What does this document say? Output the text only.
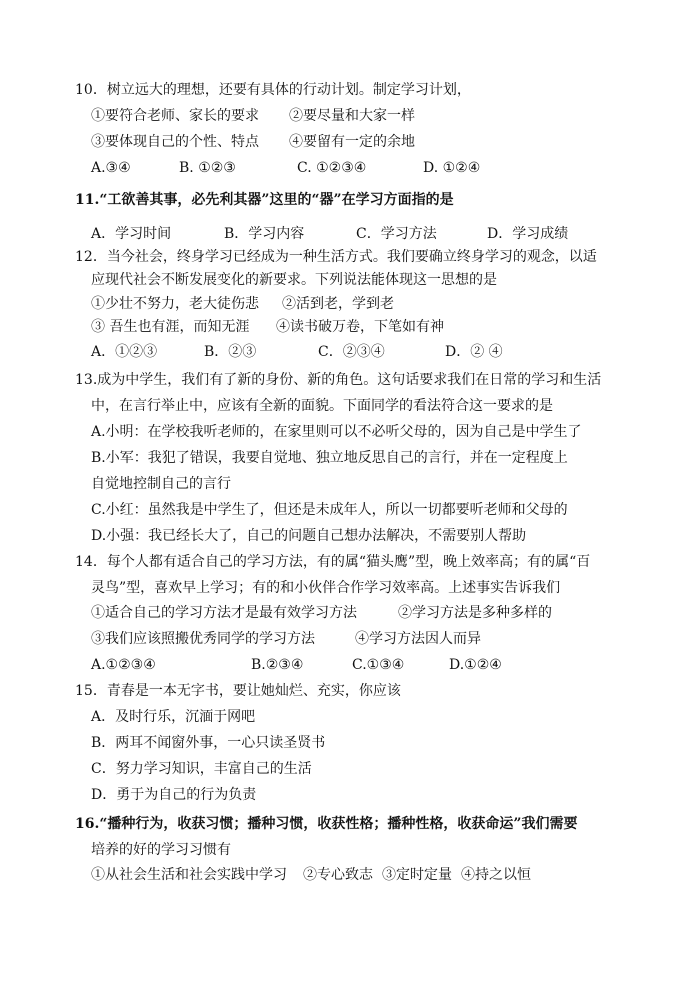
10．树立远大的理想，还要有具体的行动计划。制定学习计划，
①要符合老师、家长的要求 ②要尽量和大家一样
③要体现自己的个性、特点 ④要留有一定的余地
A.③④	B. ①②③	C. ①②③④	D. ①②④
11.“工欲善其事，必先利其器”这里的“器”在学习方面指的是
A．学习时间	B．学习内容	C．学习方法	D．学习成绩
12．当今社会，终身学习已经成为一种生活方式。我们要确立终身学习的观念，以适
应现代社会不断发展变化的新要求。下列说法能体现这一思想的是
①少壮不努力，老大徒伤悲 ②活到老，学到老
③ 吾生也有涯，而知无涯 ④读书破万卷，下笔如有神
A．①②③	B．②③	C．②③④	D．② ④
13.成为中学生，我们有了新的身份、新的角色。这句话要求我们在日常的学习和生活
中，在言行举止中，应该有全新的面貌。下面同学的看法符合这一要求的是
A.小明：在学校我听老师的，在家里则可以不必听父母的，因为自己是中学生了
B.小军：我犯了错误，我要自觉地、独立地反思自己的言行，并在一定程度上
自觉地控制自己的言行
C.小红：虽然我是中学生了，但还是未成年人，所以一切都要听老师和父母的
D.小强：我已经长大了，自己的问题自己想办法解决，不需要别人帮助
14．每个人都有适合自己的学习方法，有的属“猫头鹰”型，晚上效率高；有的属“百
灵鸟”型，喜欢早上学习；有的和小伙伴合作学习效率高。上述事实告诉我们
①适合自己的学习方法才是最有效学习方法	②学习方法是多种多样的
③我们应该照搬优秀同学的学习方法	④学习方法因人而异
A.①②③④	B.②③④	C.①③④	D.①②④
15．青春是一本无字书，要让她灿烂、充实，你应该
A．及时行乐，沉湎于网吧
B．两耳不闻窗外事，一心只读圣贤书
C．努力学习知识，丰富自己的生活
D．勇于为自己的行为负责
16.“播种行为，收获习惯；播种习惯，收获性格；播种性格，收获命运”我们需要
培养的好的学习习惯有
①从社会生活和社会实践中学习 ②专心致志 ③定时定量 ④持之以恒
